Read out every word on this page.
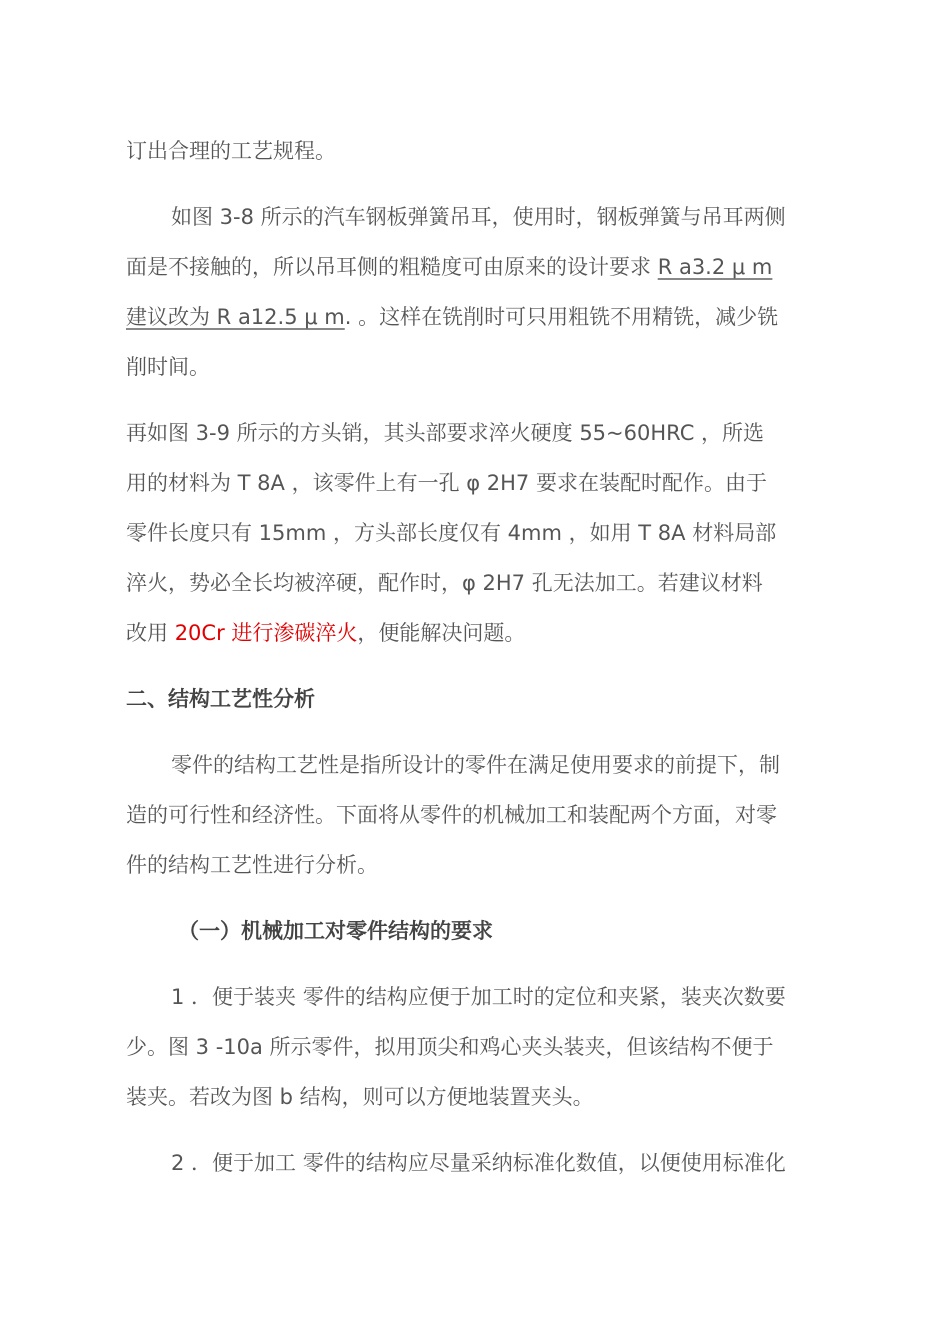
订出合理的工艺规程。
如图 3-8 所示的汽车钢板弹簧吊耳，使用时，钢板弹簧与吊耳两侧
面是不接触的，所以吊耳侧的粗糙度可由原来的设计要求 R a3.2 μ m
建议改为 R a12.5 μ m. 。这样在铣削时可只用粗铣不用精铣，减少铣
削时间。
再如图 3-9 所示的方头销，其头部要求淬火硬度 55~60HRC ，所选
用的材料为 T 8A ，该零件上有一孔 φ 2H7 要求在装配时配作。由于
零件长度只有 15mm ，方头部长度仅有 4mm ，如用 T 8A 材料局部
淬火，势必全长均被淬硬，配作时，φ 2H7 孔无法加工。若建议材料
改用 20Cr 进行渗碳淬火，便能解决问题。
二、结构工艺性分析
零件的结构工艺性是指所设计的零件在满足使用要求的前提下，制
造的可行性和经济性。下面将从零件的机械加工和装配两个方面，对零
件的结构工艺性进行分析。
（一）机械加工对零件结构的要求
1 ．便于装夹 零件的结构应便于加工时的定位和夹紧，装夹次数要
少。图 3 -10a 所示零件，拟用顶尖和鸡心夹头装夹，但该结构不便于
装夹。若改为图 b 结构，则可以方便地装置夹头。
2 ．便于加工 零件的结构应尽量采纳标准化数值，以便使用标准化
